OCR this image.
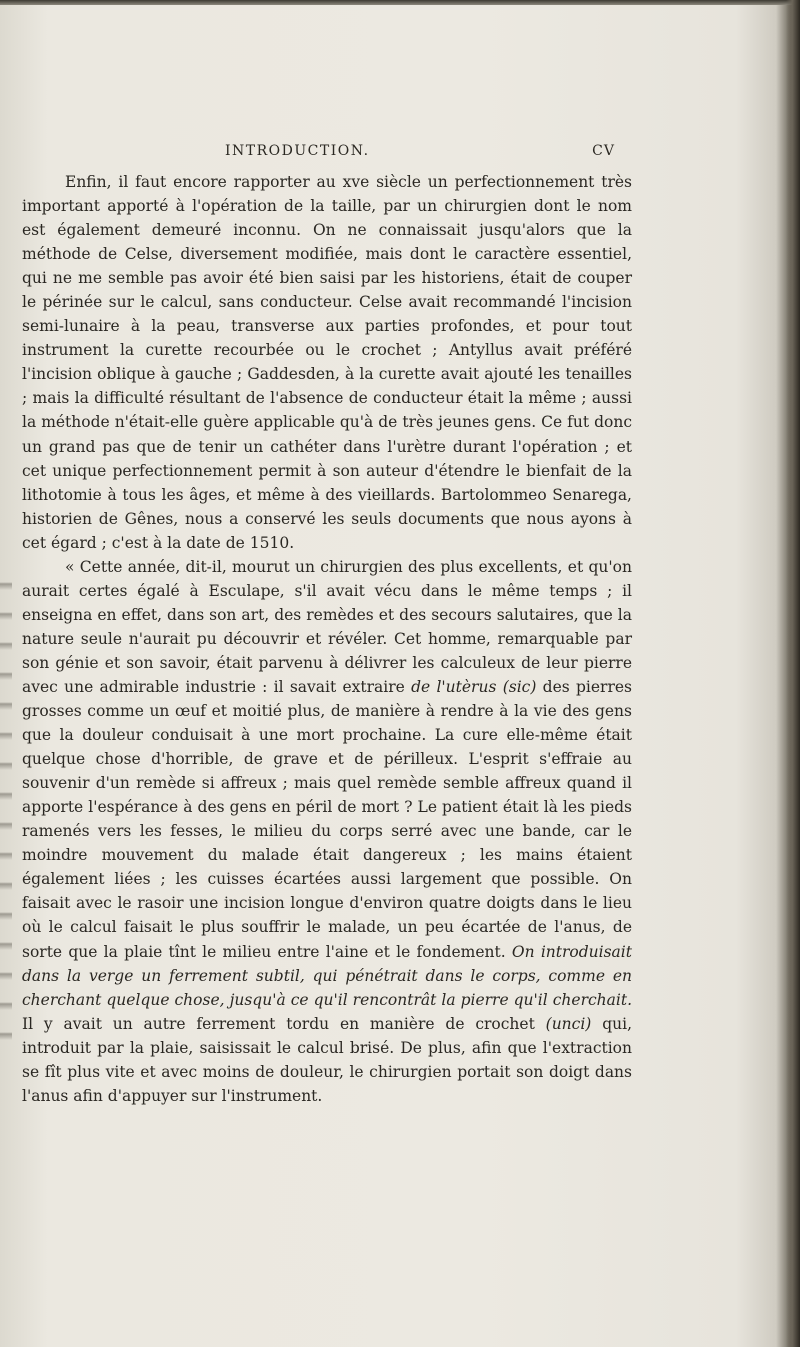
INTRODUCTION.	CV

Enfin, il faut encore rapporter au xve siècle un perfectionnement très important apporté à l'opération de la taille, par un chirurgien dont le nom est également demeuré inconnu. On ne connaissait jusqu'alors que la méthode de Celse, diversement modifiée, mais dont le caractère essentiel, qui ne me semble pas avoir été bien saisi par les historiens, était de couper le périnée sur le calcul, sans conducteur. Celse avait recommandé l'incision semi-lunaire à la peau, transverse aux parties profondes, et pour tout instrument la curette recourbée ou le crochet ; Antyllus avait préféré l'incision oblique à gauche ; Gaddesden, à la curette avait ajouté les tenailles ; mais la difficulté résultant de l'absence de conducteur était la même ; aussi la méthode n'était-elle guère applicable qu'à de très jeunes gens. Ce fut donc un grand pas que de tenir un cathéter dans l'urètre durant l'opération ; et cet unique perfectionnement permit à son auteur d'étendre le bienfait de la lithotomie à tous les âges, et même à des vieillards. Bartolommeo Senarega, historien de Gênes, nous a conservé les seuls documents que nous ayons à cet égard ; c'est à la date de 1510.

« Cette année, dit-il, mourut un chirurgien des plus excellents, et qu'on aurait certes égalé à Esculape, s'il avait vécu dans le même temps ; il enseigna en effet, dans son art, des remèdes et des secours salutaires, que la nature seule n'aurait pu découvrir et révéler. Cet homme, remarquable par son génie et son savoir, était parvenu à délivrer les calculeux de leur pierre avec une admirable industrie : il savait extraire de l'utèrus (sic) des pierres grosses comme un œuf et moitié plus, de manière à rendre à la vie des gens que la douleur conduisait à une mort prochaine. La cure elle-même était quelque chose d'horrible, de grave et de périlleux. L'esprit s'effraie au souvenir d'un remède si affreux ; mais quel remède semble affreux quand il apporte l'espérance à des gens en péril de mort ? Le patient était là les pieds ramenés vers les fesses, le milieu du corps serré avec une bande, car le moindre mouvement du malade était dangereux ; les mains étaient également liées ; les cuisses écartées aussi largement que possible. On faisait avec le rasoir une incision longue d'environ quatre doigts dans le lieu où le calcul faisait le plus souffrir le malade, un peu écartée de l'anus, de sorte que la plaie tînt le milieu entre l'aine et le fondement. On introduisait dans la verge un ferrement subtil, qui pénétrait dans le corps, comme en cherchant quelque chose, jusqu'à ce qu'il rencontrât la pierre qu'il cherchait. Il y avait un autre ferrement tordu en manière de crochet (unci) qui, introduit par la plaie, saisissait le calcul brisé. De plus, afin que l'extraction se fît plus vite et avec moins de douleur, le chirurgien portait son doigt dans l'anus afin d'appuyer sur l'instrument.
